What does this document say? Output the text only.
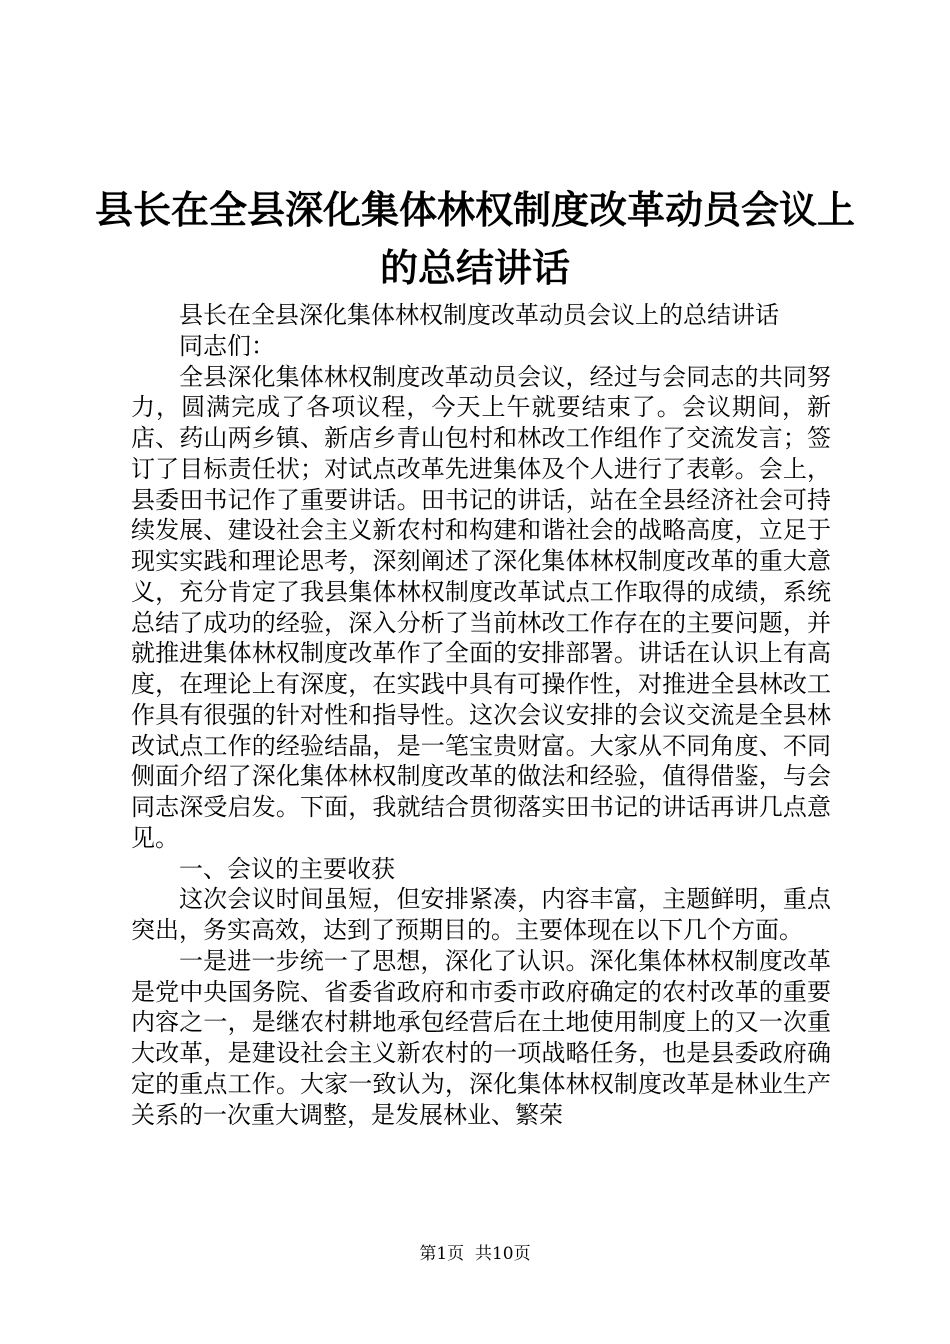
县长在全县深化集体林权制度改革动员会议上
的总结讲话

县长在全县深化集体林权制度改革动员会议上的总结讲话

同志们：

全县深化集体林权制度改革动员会议，经过与会同志的共同努力，圆满完成了各项议程，今天上午就要结束了。会议期间，新店、药山两乡镇、新店乡青山包村和林改工作组作了交流发言；签订了目标责任状；对试点改革先进集体及个人进行了表彰。会上，县委田书记作了重要讲话。田书记的讲话，站在全县经济社会可持续发展、建设社会主义新农村和构建和谐社会的战略高度，立足于现实实践和理论思考，深刻阐述了深化集体林权制度改革的重大意义，充分肯定了我县集体林权制度改革试点工作取得的成绩，系统总结了成功的经验，深入分析了当前林改工作存在的主要问题，并就推进集体林权制度改革作了全面的安排部署。讲话在认识上有高度，在理论上有深度，在实践中具有可操作性，对推进全县林改工作具有很强的针对性和指导性。这次会议安排的会议交流是全县林改试点工作的经验结晶，是一笔宝贵财富。大家从不同角度、不同侧面介绍了深化集体林权制度改革的做法和经验，值得借鉴，与会同志深受启发。下面，我就结合贯彻落实田书记的讲话再讲几点意见。

一、会议的主要收获

这次会议时间虽短，但安排紧凑，内容丰富，主题鲜明，重点突出，务实高效，达到了预期目的。主要体现在以下几个方面。

一是进一步统一了思想，深化了认识。深化集体林权制度改革是党中央国务院、省委省政府和市委市政府确定的农村改革的重要内容之一，是继农村耕地承包经营后在土地使用制度上的又一次重大改革，是建设社会主义新农村的一项战略任务，也是县委政府确定的重点工作。大家一致认为，深化集体林权制度改革是林业生产关系的一次重大调整，是发展林业、繁荣

第1页  共10页
